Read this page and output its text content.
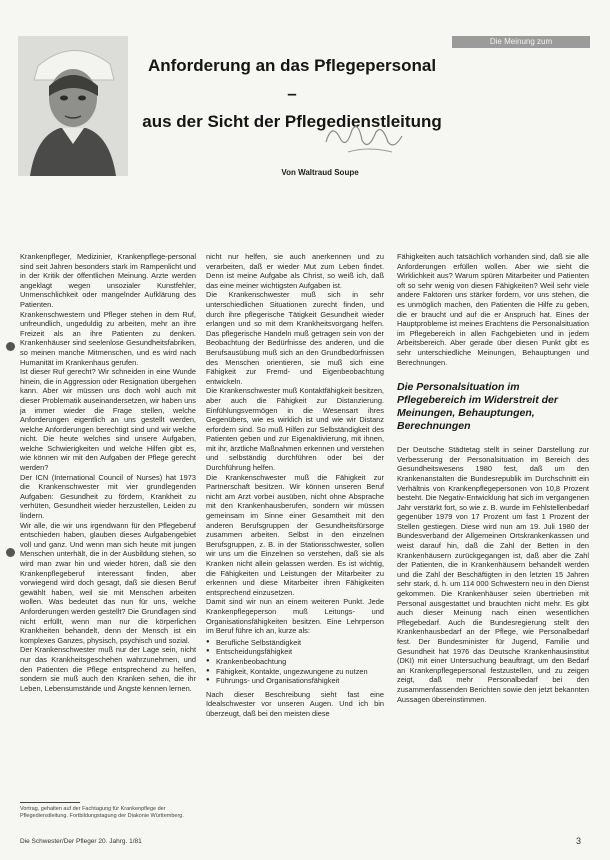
Die Meinung zum
Anforderung an das Pflegepersonal –
aus der Sicht der Pflegedienstleitung
Von Waltraud Soupe

Krankenpfleger, Medizinier, Krankenpflege-personal sind seit Jahren besonders stark im Rampenlicht und in der Kritik der öffentlichen Meinung. Arzte werden angeklagt wegen unsozialer Kunstfehler, Unmenschlichkeit oder mangelnder Aufklärung des Patienten.

Krankenschwestern und Pfleger stehen in dem Ruf, unfreundlich, ungeduldig zu arbeiten, mehr an ihre Freizeit als an ihre Patienten zu denken. Krankenhäuser sind seelenlose Gesundheitsfabriken, so meinen manche Mitmenschen, und es wird nach Humanität im Krankenhaus gerufen.

Ist dieser Ruf gerecht? Wir schneiden in eine Wunde hinein, die in Aggression oder Resignation übergehen kann. Aber wir müssen uns doch wohl auch mit dieser Problematik auseinandersetzen, wir haben uns ja immer wieder die Frage stellen, welche Anforderungen eigentlich an uns gestellt werden, welche Anforderungen berechtigt sind und wir welche nicht. Die heute welches sind unsere Aufgaben, welche Schwierigkeiten und welche Hilfen gibt es, wie können wir mit den Aufgaben der Pflege gerecht werden?

Der ICN (International Council of Nurses) hat 1973 die Krankenschwester mit vier grundlegenden Aufgaben: Gesundheit zu fördern, Krankheit zu verhüten, Gesundheit wieder herzustellen, Leiden zu lindern.

Wir alle, die wir uns irgendwann für den Pflegeberuf entschieden haben, glauben dieses Aufgabengebiet voll und ganz. Und wenn man sich heute mit jungen Menschen unterhält, die in der Ausbildung stehen, so wird man zwar hin und wieder hören, daß sie den Krankenpflegeberuf interessant finden, aber vorwiegend wird doch gesagt, daß sie diesen Beruf gewählt haben, weil sie mit Menschen arbeiten wollen. Was bedeutet das nun für uns, welche Anforderungen werden gestellt? Die Grundlagen sind nicht erfüllt, wenn man nur die körperlichen Krankheiten behandelt, denn der Mensch ist ein komplexes Ganzes, physisch, psychisch und sozial.

Der Krankenschwester muß nur der Lage sein, nicht nur das Krankheitsgeschehen wahrzunehmen, und den Patienten die Pflege entsprechend zu helfen, sondern sie muß auch den Kranken sehen, die ihr Leben, Lebensumstände und Ängste kennen lernen.

nicht nur helfen, sie auch anerkennen und zu verarbeiten, daß er wieder Mut zum Leben findet. Denn ist meine Aufgabe als Christ, so weiß ich, daß das eine meiner wichtigsten Aufgaben ist.

Die Krankenschwester muß sich in sehr unterschiedlichen Situationen zurecht finden, und durch ihre pflegerische Tätigkeit Gesundheit wieder erlangen und so mit dem Krankheitsvorgang helfen. Das pflegerische Handeln muß getragen sein von der Beobachtung der Bedürfnisse des anderen, und die Berufsausübung muß sich an den Grundbedürfnissen des Menschen orientieren, sie muß sich eine Fähigkeit zur Fremd- und Eigenbeobachtung entwickeln.

Die Krankenschwester muß Kontaktfähigkeit besitzen, aber auch die Fähigkeit zur Distanzierung. Einfühlungsvermögen in die Wesensart ihres Gegenübers, wie es wirklich ist und wie wir Distanz erfordern sind. So muß Hilfen zur Selbständigkeit des Patienten geben und zur Eigenaktivierung, mit ihnen, mit ihr, ärztliche Maßnahmen erkennen und verstehen und selbständig durchführen oder bei der Durchführung helfen.

Die Krankenschwester muß die Fähigkeit zur Partnerschaft besitzen. Wir können unseren Beruf nicht am Arzt vorbei ausüben, nicht ohne Absprache mit den Krankenhausberufen, sondern wir müssen gemeinsam im Sinne einer Gesamtheit mit den anderen Berufsgruppen der Gesundheitsfürsorge zusammen arbeiten. Selbst in den einzelnen Berufsgruppen, z. B. in der Stationsschwester, sollen wir uns um die Einzelnen so verstehen, daß sie als Kranken nicht allein gelassen werden. Es ist wichtig, die Fähigkeiten und Leistungen der Mitarbeiter zu erkennen und diese Mitarbeiter ihren Fähigkeiten entsprechend einzusetzen.

Damit sind wir nun an einem weiteren Punkt. Jede Krankenpflegeperson muß Leitungs- und Organisationsfähigkeiten besitzen. Eine Lehrperson im Beruf führe ich an, kurze als:

● Berufliche Selbständigkeit
● Entscheidungsfähigkeit
● Krankenbeobachtung
● Fähigkeit, Kontakte, ungezwungene zu nutzen
● Führungs- und Organisationsfähigkeit

Nach dieser Beschreibung sieht fast eine Idealschwester vor unseren Augen. Und ich bin überzeugt, daß bei den meisten diese

Fähigkeiten auch tatsächlich vorhanden sind, daß sie alle Anforderungen erfüllen wollen. Aber wie sieht die Wirklichkeit aus? Warum spüren Mitarbeiter und Patienten oft so sehr wenig von diesen Fähigkeiten? Weil sehr viele andere Faktoren uns stärker fordern, vor uns stehen, die es unmöglich machen, den Patienten die Hilfe zu geben, die er braucht und auf die er Anspruch hat. Eines der Hauptprobleme ist meines Erachtens die Personalsituation im Pflegebereich in allen Fachgebieten und in jedem Arbeitsbereich. Aber gerade über diesen Punkt gibt es sehr unterschiedliche Meinungen, Behauptungen und Berechnungen.

Die Personalsituation im Pflegebereich im Widerstreit der Meinungen, Behauptungen, Berechnungen

Der Deutsche Städtetag stellt in seiner Darstellung zur Verbesserung der Personalsituation im Bereich des Gesundheitswesens 1980 fest, daß um den Krankenanstalten die Bundesrepublik im Durchschnitt ein Verhältnis von Krankenpflegepersonen von 10,8 Prozent besteht. Die Negativ-Entwicklung hat sich im vergangenen Jahr verstärkt fort, so wie z. B. wurde im Fehlstellenbedarf gegenüber 1979 von 17 Prozent um fast 1 Prozent der Stellen gestiegen. Diese wird nun am 19. Juli 1980 der Bundesverband der Allgemeinen Ortskrankenkassen und weist darauf hin, daß die Zahl der Betten in den Krankenhäusern zurückgegangen ist, daß aber die Zahl der Patienten, die in Krankenhäusern behandelt werden und die Zahl der Beschäftigten in den letzten 15 Jahren sehr stark, d. h. um 114 000 Schwestern neu in den Dienst gekommen. Die Krankenhäuser seien übertrieben mit Personal ausgestattet und brauchten nicht mehr. Es gibt auch dieser Meinung nach einen wesentlichen Pflegebedarf. Auch die Bundesregierung stellt den Krankenhausbedarf an der Pflege, wie Personalbedarf fest. Der Bundesminister für Jugend, Familie und Gesundheit hat 1976 das Deutsche Krankenhausinstitut (DKI) mit einer Untersuchung beauftragt, um den Bedarf an Krankenpflegepersonal festzustellen, und zu zeigen zeigt, daß mehr Personalbedarf bei den zusammenfassenden Berichten sowie den jetzt bekannten Aussagen übereinstimmen.

Vortrag, gehalten auf der Fachtagung für Krankenpflege der Pflegedienstleitung. Fortbildungstagung der Diakonie Württemberg.
Die Schwester/Der Pfleger 20. Jahrg. 1/81	3
